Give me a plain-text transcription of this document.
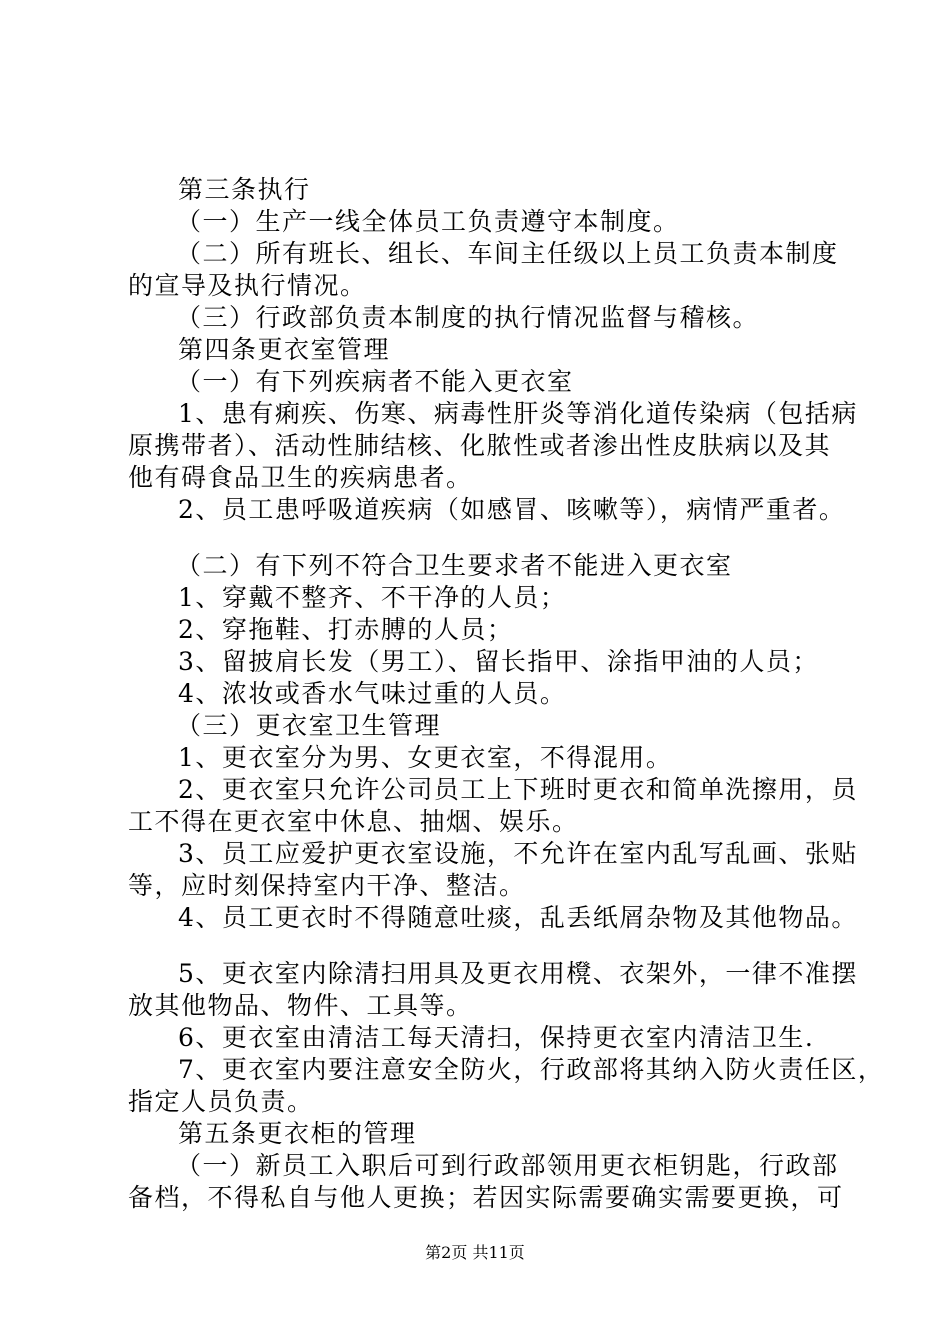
第三条执行
（一）生产一线全体员工负责遵守本制度。
（二）所有班长、组长、车间主任级以上员工负责本制度
的宣导及执行情况。
（三）行政部负责本制度的执行情况监督与稽核。
第四条更衣室管理
（一）有下列疾病者不能入更衣室
1、患有痢疾、伤寒、病毒性肝炎等消化道传染病（包括病
原携带者）、活动性肺结核、化脓性或者渗出性皮肤病以及其
他有碍食品卫生的疾病患者。
2、员工患呼吸道疾病（如感冒、咳嗽等），病情严重者。
（二）有下列不符合卫生要求者不能进入更衣室
1、穿戴不整齐、不干净的人员；
2、穿拖鞋、打赤膊的人员；
3、留披肩长发（男工）、留长指甲、涂指甲油的人员；
4、浓妆或香水气味过重的人员。
（三）更衣室卫生管理
1、更衣室分为男、女更衣室，不得混用。
2、更衣室只允许公司员工上下班时更衣和简单洗擦用，员
工不得在更衣室中休息、抽烟、娱乐。
3、员工应爱护更衣室设施，不允许在室内乱写乱画、张贴
等，应时刻保持室内干净、整洁。
4、员工更衣时不得随意吐痰，乱丢纸屑杂物及其他物品。
5、更衣室内除清扫用具及更衣用櫈、衣架外，一律不准摆
放其他物品、物件、工具等。
6、更衣室由清洁工每天清扫，保持更衣室内清洁卫生.
7、更衣室内要注意安全防火，行政部将其纳入防火责任区，
指定人员负责。
第五条更衣柜的管理
（一）新员工入职后可到行政部领用更衣柜钥匙，行政部
备档，不得私自与他人更换；若因实际需要确实需要更换，可
第2页 共11页
